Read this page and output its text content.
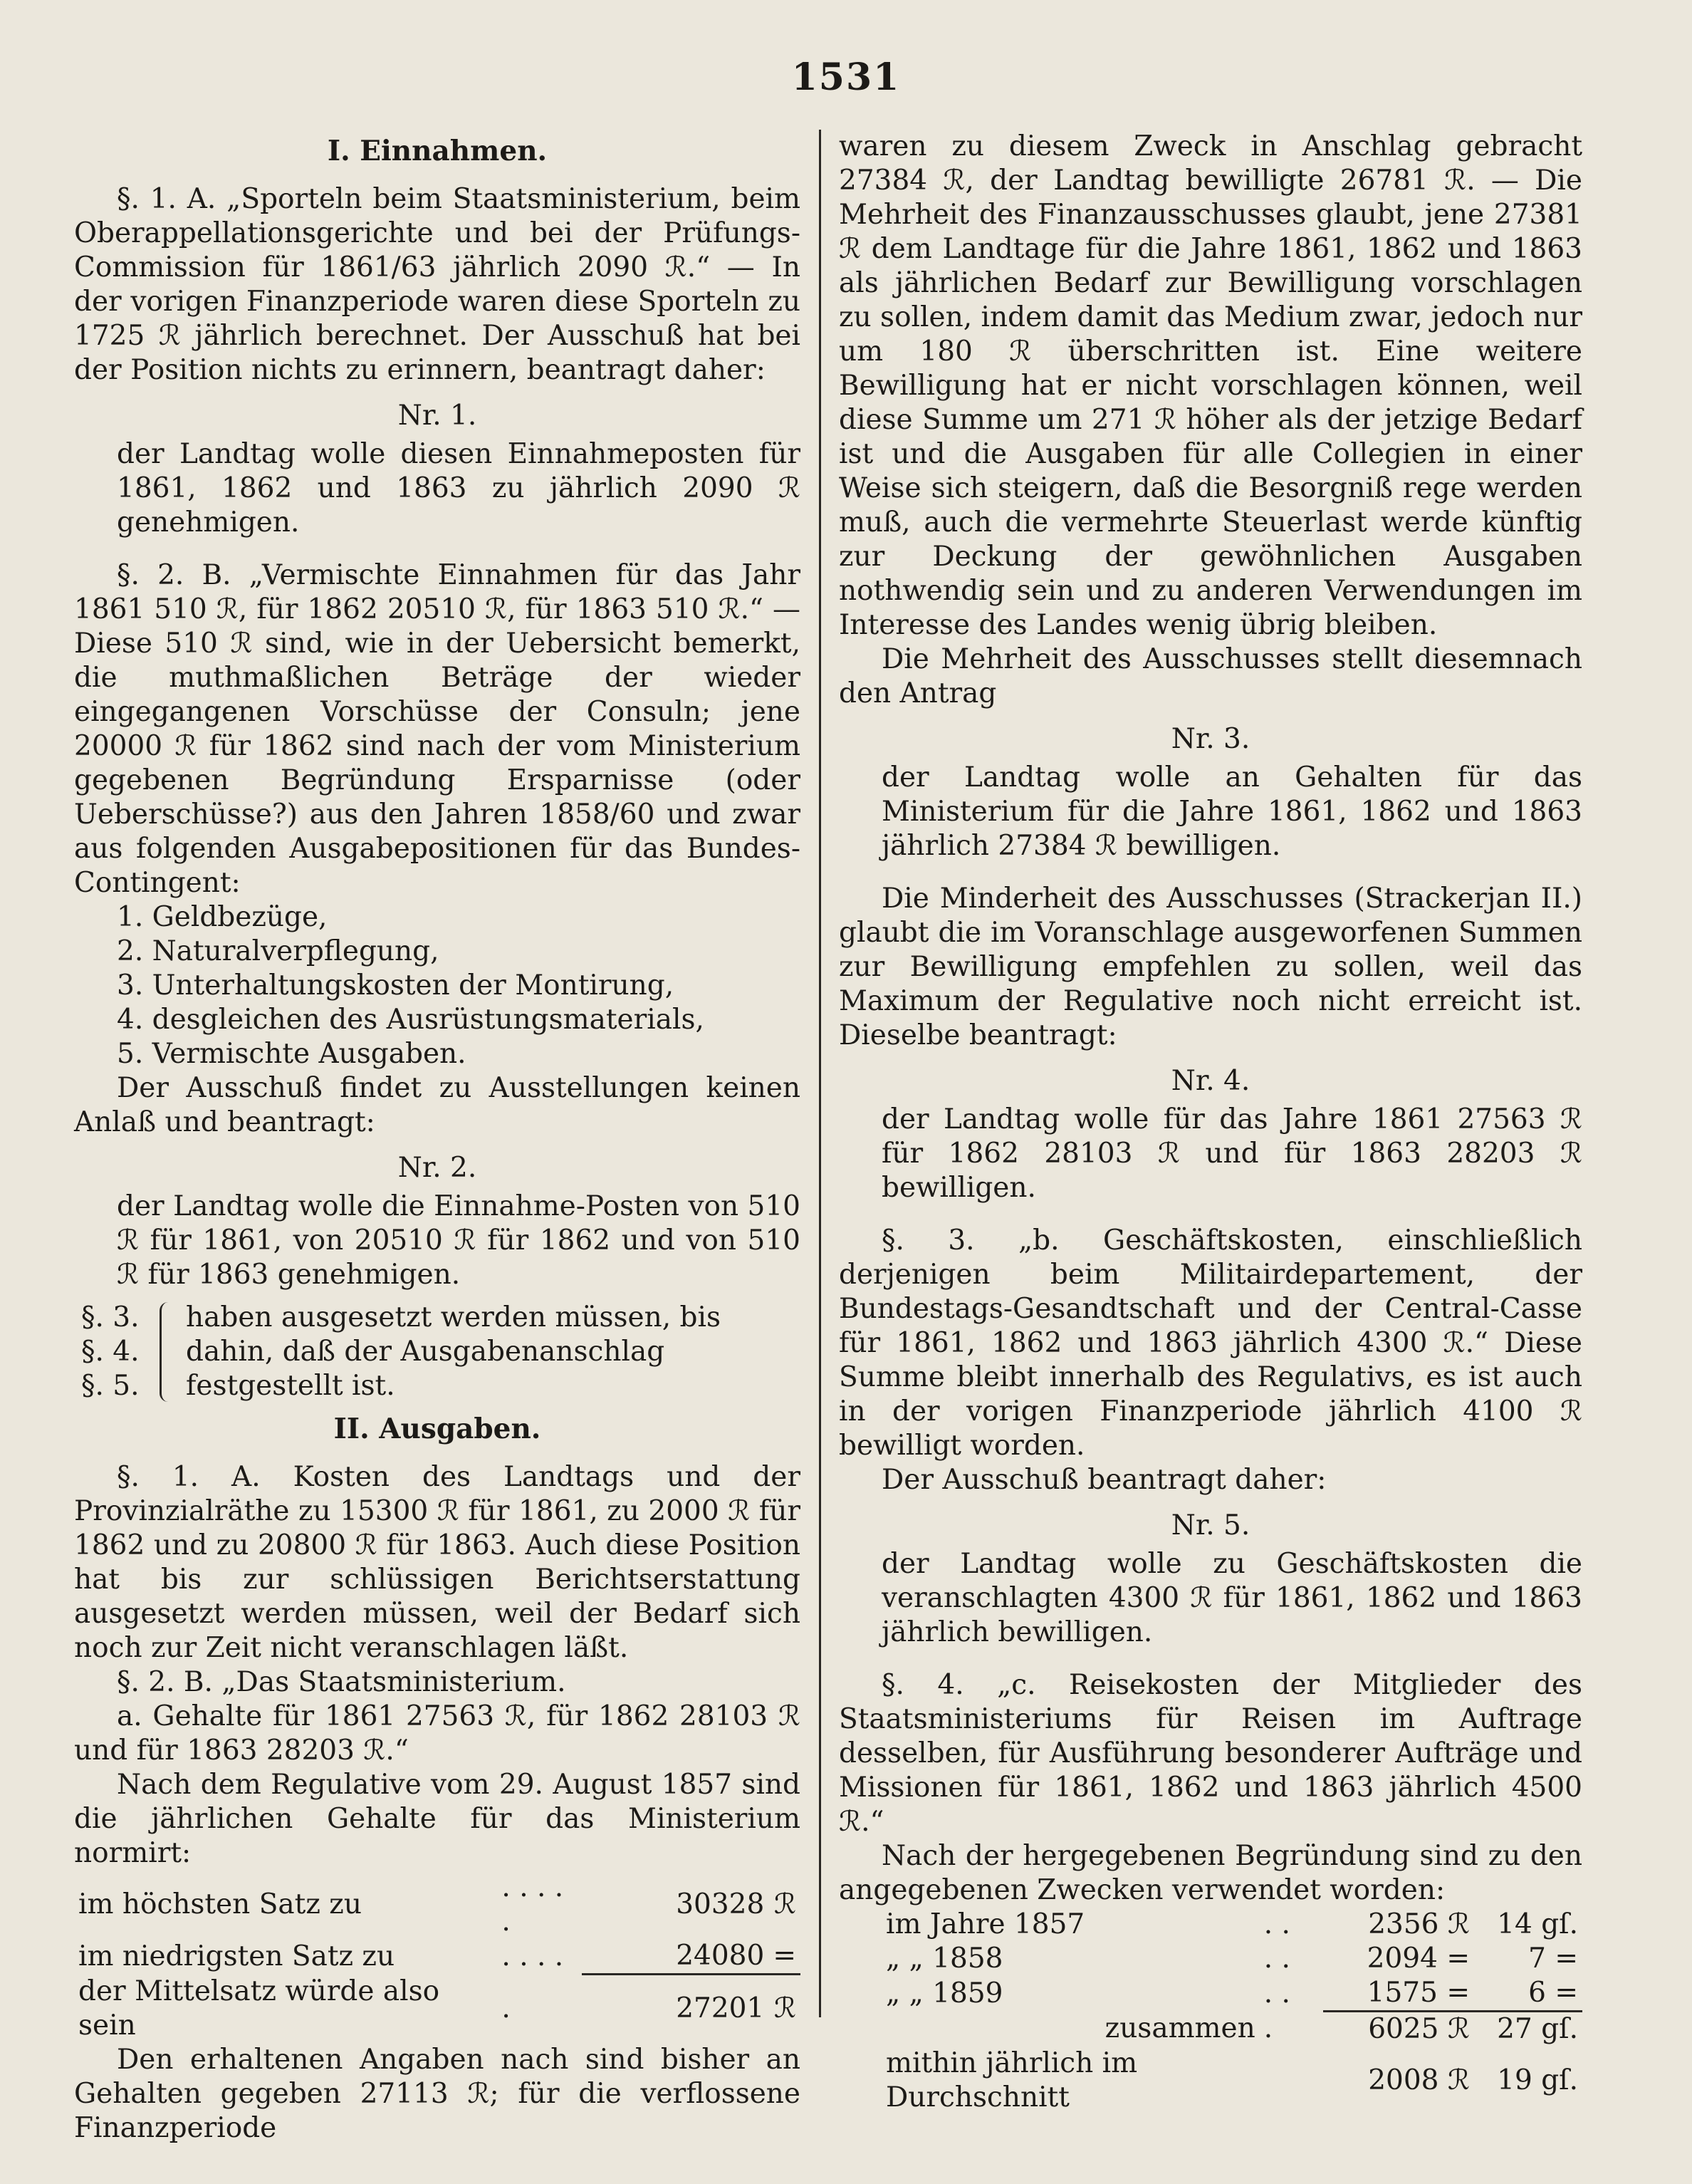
1531
I. Einnahmen.

§. 1. A. „Sporteln beim Staatsministerium, beim Oberappellationsgerichte und bei der Prüfungs-Commission für 1861/63 jährlich 2090 ℛ.“ — In der vorigen Finanzperiode waren diese Sporteln zu 1725 ℛ jährlich berechnet. Der Ausschuß hat bei der Position nichts zu erinnern, beantragt daher:

Nr. 1.

der Landtag wolle diesen Einnahmeposten für 1861, 1862 und 1863 zu jährlich 2090 ℛ genehmigen.

§. 2. B. „Vermischte Einnahmen für das Jahr 1861 510 ℛ, für 1862 20510 ℛ, für 1863 510 ℛ.“ — Diese 510 ℛ sind, wie in der Uebersicht bemerkt, die muthmaßlichen Beträge der wieder eingegangenen Vorschüsse der Consuln; jene 20000 ℛ für 1862 sind nach der vom Ministerium gegebenen Begründung Ersparnisse (oder Ueberschüsse?) aus den Jahren 1858/60 und zwar aus folgenden Ausgabepositionen für das Bundes-Contingent:

1. Geldbezüge,
2. Naturalverpflegung,
3. Unterhaltungskosten der Montirung,
4. desgleichen des Ausrüstungsmaterials,
5. Vermischte Ausgaben.

Der Ausschuß findet zu Ausstellungen keinen Anlaß und beantragt:

Nr. 2.

der Landtag wolle die Einnahme-Posten von 510 ℛ für 1861, von 20510 ℛ für 1862 und von 510 ℛ für 1863 genehmigen.

§. 3.
§. 4.
§. 5.
haben ausgesetzt werden müssen, bis dahin, daß der Ausgabenanschlag festgestellt ist.
II. Ausgaben.

§. 1. A. Kosten des Landtags und der Provinzialräthe zu 15300 ℛ für 1861, zu 2000 ℛ für 1862 und zu 20800 ℛ für 1863. Auch diese Position hat bis zur schlüssigen Berichtserstattung ausgesetzt werden müssen, weil der Bedarf sich noch zur Zeit nicht veranschlagen läßt.

§. 2. B. „Das Staatsministerium.

a. Gehalte für 1861 27563 ℛ, für 1862 28103 ℛ und für 1863 28203 ℛ.“

Nach dem Regulative vom 29. August 1857 sind die jährlichen Gehalte für das Ministerium normirt:

im höchsten Satz zu	. . . . .	30328	ℛ
im niedrigsten Satz zu	. . . .	24080	=
der Mittelsatz würde also sein	.	27201	ℛ

Den erhaltenen Angaben nach sind bisher an Gehalten gegeben 27113 ℛ; für die verflossene Finanzperiode

waren zu diesem Zweck in Anschlag gebracht 27384 ℛ, der Landtag bewilligte 26781 ℛ. — Die Mehrheit des Finanzausschusses glaubt, jene 27381 ℛ dem Landtage für die Jahre 1861, 1862 und 1863 als jährlichen Bedarf zur Bewilligung vorschlagen zu sollen, indem damit das Medium zwar, jedoch nur um 180 ℛ überschritten ist. Eine weitere Bewilligung hat er nicht vorschlagen können, weil diese Summe um 271 ℛ höher als der jetzige Bedarf ist und die Ausgaben für alle Collegien in einer Weise sich steigern, daß die Besorgniß rege werden muß, auch die vermehrte Steuerlast werde künftig zur Deckung der gewöhnlichen Ausgaben nothwendig sein und zu anderen Verwendungen im Interesse des Landes wenig übrig bleiben.

Die Mehrheit des Ausschusses stellt diesemnach den Antrag

Nr. 3.

der Landtag wolle an Gehalten für das Ministerium für die Jahre 1861, 1862 und 1863 jährlich 27384 ℛ bewilligen.

Die Minderheit des Ausschusses (Strackerjan II.) glaubt die im Voranschlage ausgeworfenen Summen zur Bewilligung empfehlen zu sollen, weil das Maximum der Regulative noch nicht erreicht ist. Dieselbe beantragt:

Nr. 4.

der Landtag wolle für das Jahre 1861 27563 ℛ für 1862 28103 ℛ und für 1863 28203 ℛ bewilligen.

§. 3. „b. Geschäftskosten, einschließlich derjenigen beim Militairdepartement, der Bundestags-Gesandtschaft und der Central-Casse für 1861, 1862 und 1863 jährlich 4300 ℛ.“ Diese Summe bleibt innerhalb des Regulativs, es ist auch in der vorigen Finanzperiode jährlich 4100 ℛ bewilligt worden.

Der Ausschuß beantragt daher:

Nr. 5.

der Landtag wolle zu Geschäftskosten die veranschlagten 4300 ℛ für 1861, 1862 und 1863 jährlich bewilligen.

§. 4. „c. Reisekosten der Mitglieder des Staatsministeriums für Reisen im Auftrage desselben, für Ausführung besonderer Aufträge und Missionen für 1861, 1862 und 1863 jährlich 4500 ℛ.“

Nach der hergegebenen Begründung sind zu den angegebenen Zwecken verwendet worden:

im Jahre 1857	. .	2356 ℛ	14 gſ.
„ „ 1858	. .	2094 =	7 =
„ „ 1859	. .	1575 =	6 =
zusammen	.	6025 ℛ	27 gſ.
mithin jährlich im Durchschnitt		2008 ℛ	19 gſ.
